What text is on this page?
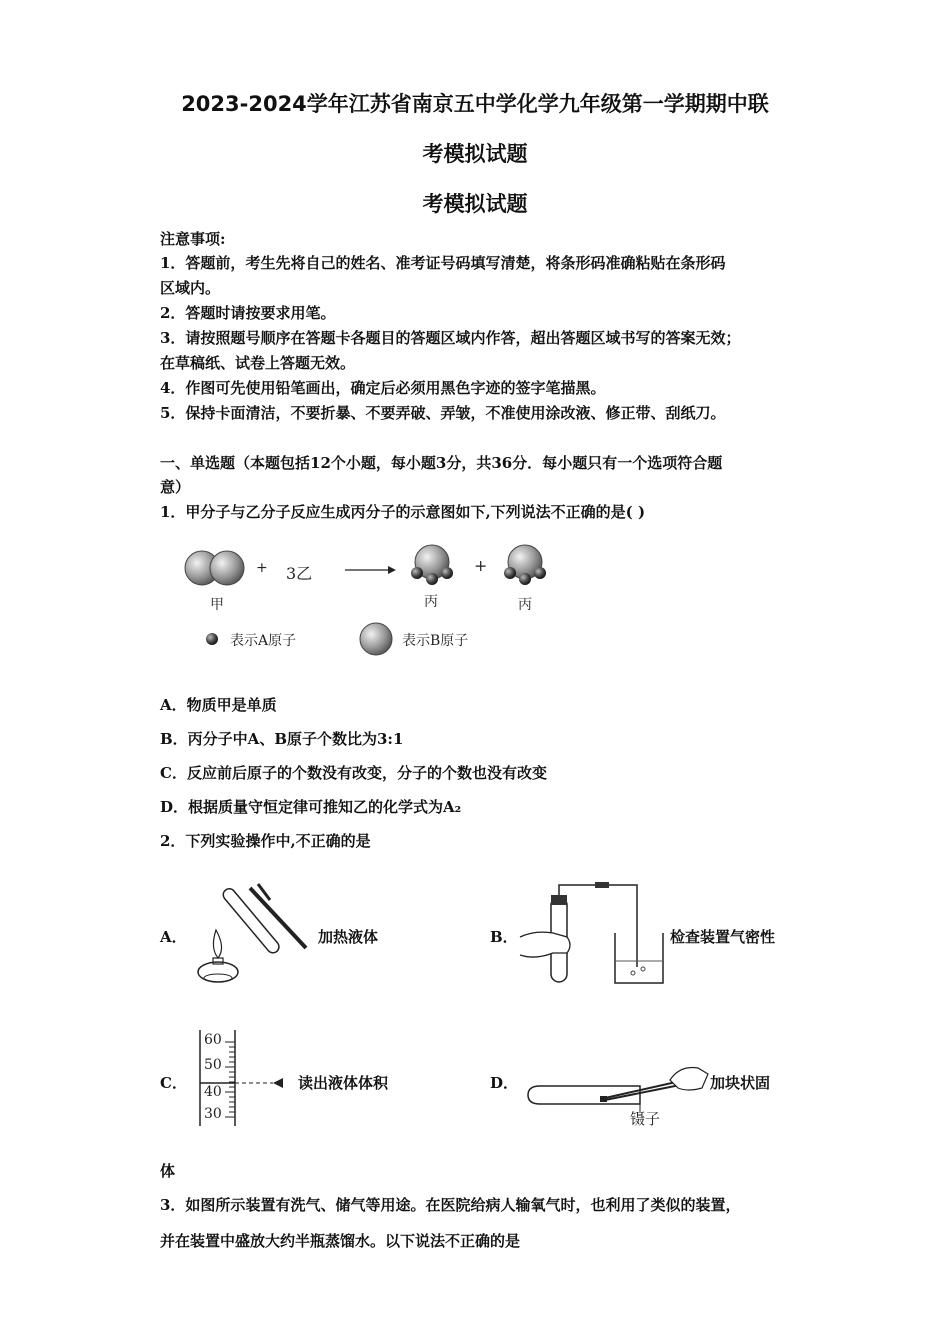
2023-2024学年江苏省南京五中学化学九年级第一学期期中联
考模拟试题
考模拟试题
注意事项:
1．答题前，考生先将自己的姓名、准考证号码填写清楚，将条形码准确粘贴在条形码
区域内。
2．答题时请按要求用笔。
3．请按照题号顺序在答题卡各题目的答题区域内作答，超出答题区域书写的答案无效；
在草稿纸、试卷上答题无效。
4．作图可先使用铅笔画出，确定后必须用黑色字迹的签字笔描黑。
5．保持卡面清洁，不要折暴、不要弄破、弄皱，不准使用涂改液、修正带、刮纸刀。
一、单选题（本题包括12个小题，每小题3分，共36分．每小题只有一个选项符合题
意）
1．甲分子与乙分子反应生成丙分子的示意图如下,下列说法不正确的是( )
+ 3乙	+
甲	丙	丙
表示A原子	表示B原子
A．物质甲是单质
B．丙分子中A、B原子个数比为3:1
C．反应前后原子的个数没有改变，分子的个数也没有改变
D．根据质量守恒定律可推知乙的化学式为A₂
2．下列实验操作中,不正确的是
A．	加热液体	B．	检查装置气密性
C．
60
50
40
30
读出液体体积	D．	加块状固
镊子
体
3．如图所示装置有洗气、储气等用途。在医院给病人输氧气时，也利用了类似的装置，
并在装置中盛放大约半瓶蒸馏水。以下说法不正确的是
